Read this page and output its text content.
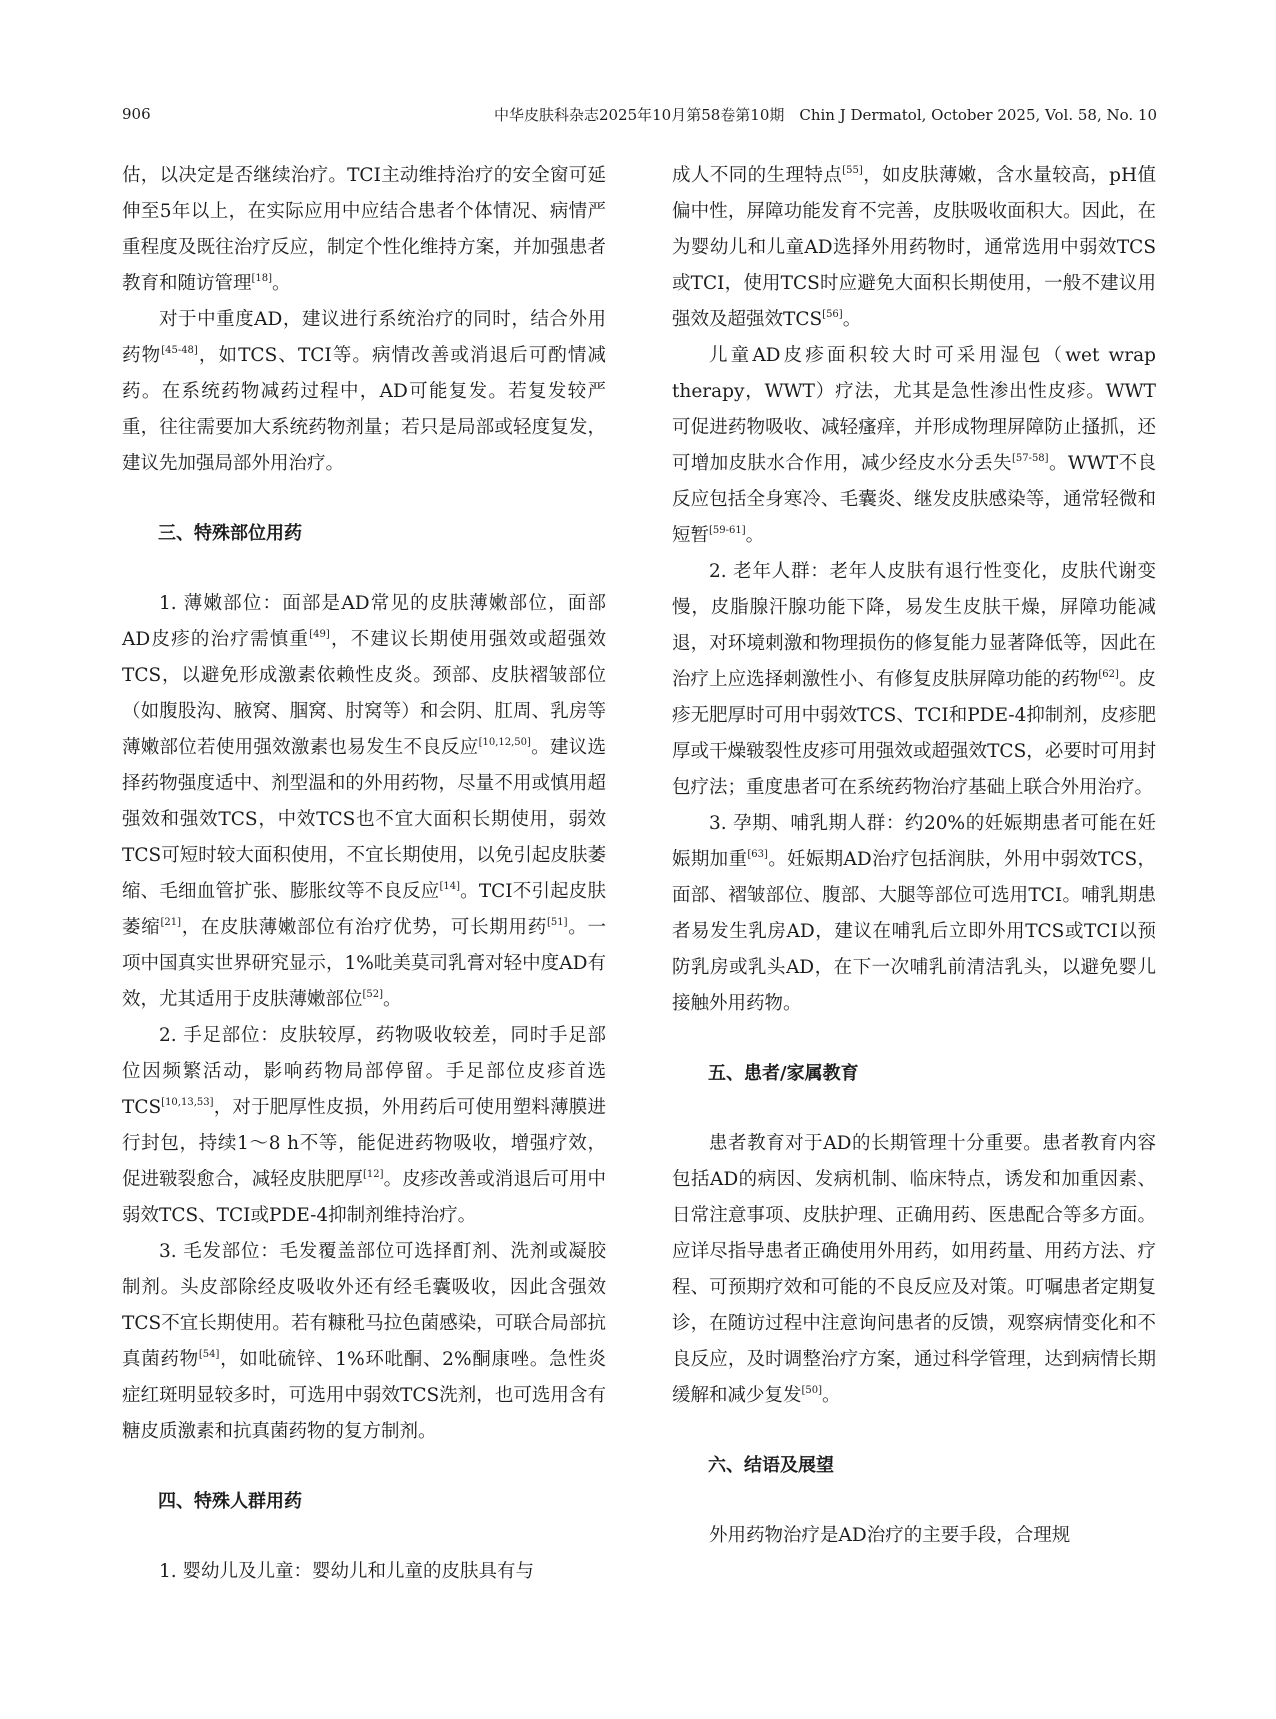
906	中华皮肤科杂志2025年10月第58卷第10期　Chin J Dermatol, October 2025, Vol. 58, No. 10

估，以决定是否继续治疗。TCI主动维持治疗的安全窗可延伸至5年以上，在实际应用中应结合患者个体情况、病情严重程度及既往治疗反应，制定个性化维持方案，并加强患者教育和随访管理[18]。

对于中重度AD，建议进行系统治疗的同时，结合外用药物[45-48]，如TCS、TCI等。病情改善或消退后可酌情减药。在系统药物减药过程中，AD可能复发。若复发较严重，往往需要加大系统药物剂量；若只是局部或轻度复发，建议先加强局部外用治疗。

三、特殊部位用药

1. 薄嫩部位：面部是AD常见的皮肤薄嫩部位，面部AD皮疹的治疗需慎重[49]，不建议长期使用强效或超强效TCS，以避免形成激素依赖性皮炎。颈部、皮肤褶皱部位（如腹股沟、腋窝、腘窝、肘窝等）和会阴、肛周、乳房等薄嫩部位若使用强效激素也易发生不良反应[10,12,50]。建议选择药物强度适中、剂型温和的外用药物，尽量不用或慎用超强效和强效TCS，中效TCS也不宜大面积长期使用，弱效TCS可短时较大面积使用，不宜长期使用，以免引起皮肤萎缩、毛细血管扩张、膨胀纹等不良反应[14]。TCI不引起皮肤萎缩[21]，在皮肤薄嫩部位有治疗优势，可长期用药[51]。一项中国真实世界研究显示，1%吡美莫司乳膏对轻中度AD有效，尤其适用于皮肤薄嫩部位[52]。

2. 手足部位：皮肤较厚，药物吸收较差，同时手足部位因频繁活动，影响药物局部停留。手足部位皮疹首选TCS[10,13,53]，对于肥厚性皮损，外用药后可使用塑料薄膜进行封包，持续1～8 h不等，能促进药物吸收，增强疗效，促进皲裂愈合，减轻皮肤肥厚[12]。皮疹改善或消退后可用中弱效TCS、TCI或PDE-4抑制剂维持治疗。

3. 毛发部位：毛发覆盖部位可选择酊剂、洗剂或凝胶制剂。头皮部除经皮吸收外还有经毛囊吸收，因此含强效TCS不宜长期使用。若有糠秕马拉色菌感染，可联合局部抗真菌药物[54]，如吡硫锌、1%环吡酮、2%酮康唑。急性炎症红斑明显较多时，可选用中弱效TCS洗剂，也可选用含有糖皮质激素和抗真菌药物的复方制剂。

四、特殊人群用药

1. 婴幼儿及儿童：婴幼儿和儿童的皮肤具有与

成人不同的生理特点[55]，如皮肤薄嫩，含水量较高，pH值偏中性，屏障功能发育不完善，皮肤吸收面积大。因此，在为婴幼儿和儿童AD选择外用药物时，通常选用中弱效TCS或TCI，使用TCS时应避免大面积长期使用，一般不建议用强效及超强效TCS[56]。

儿童AD皮疹面积较大时可采用湿包（wet wrap therapy，WWT）疗法，尤其是急性渗出性皮疹。WWT可促进药物吸收、减轻瘙痒，并形成物理屏障防止搔抓，还可增加皮肤水合作用，减少经皮水分丢失[57-58]。WWT不良反应包括全身寒冷、毛囊炎、继发皮肤感染等，通常轻微和短暂[59-61]。

2. 老年人群：老年人皮肤有退行性变化，皮肤代谢变慢，皮脂腺汗腺功能下降，易发生皮肤干燥，屏障功能减退，对环境刺激和物理损伤的修复能力显著降低等，因此在治疗上应选择刺激性小、有修复皮肤屏障功能的药物[62]。皮疹无肥厚时可用中弱效TCS、TCI和PDE-4抑制剂，皮疹肥厚或干燥皲裂性皮疹可用强效或超强效TCS，必要时可用封包疗法；重度患者可在系统药物治疗基础上联合外用治疗。

3. 孕期、哺乳期人群：约20%的妊娠期患者可能在妊娠期加重[63]。妊娠期AD治疗包括润肤，外用中弱效TCS，面部、褶皱部位、腹部、大腿等部位可选用TCI。哺乳期患者易发生乳房AD，建议在哺乳后立即外用TCS或TCI以预防乳房或乳头AD，在下一次哺乳前清洁乳头，以避免婴儿接触外用药物。

五、患者/家属教育

患者教育对于AD的长期管理十分重要。患者教育内容包括AD的病因、发病机制、临床特点，诱发和加重因素、日常注意事项、皮肤护理、正确用药、医患配合等多方面。应详尽指导患者正确使用外用药，如用药量、用药方法、疗程、可预期疗效和可能的不良反应及对策。叮嘱患者定期复诊，在随访过程中注意询问患者的反馈，观察病情变化和不良反应，及时调整治疗方案，通过科学管理，达到病情长期缓解和减少复发[50]。

六、结语及展望

外用药物治疗是AD治疗的主要手段，合理规
